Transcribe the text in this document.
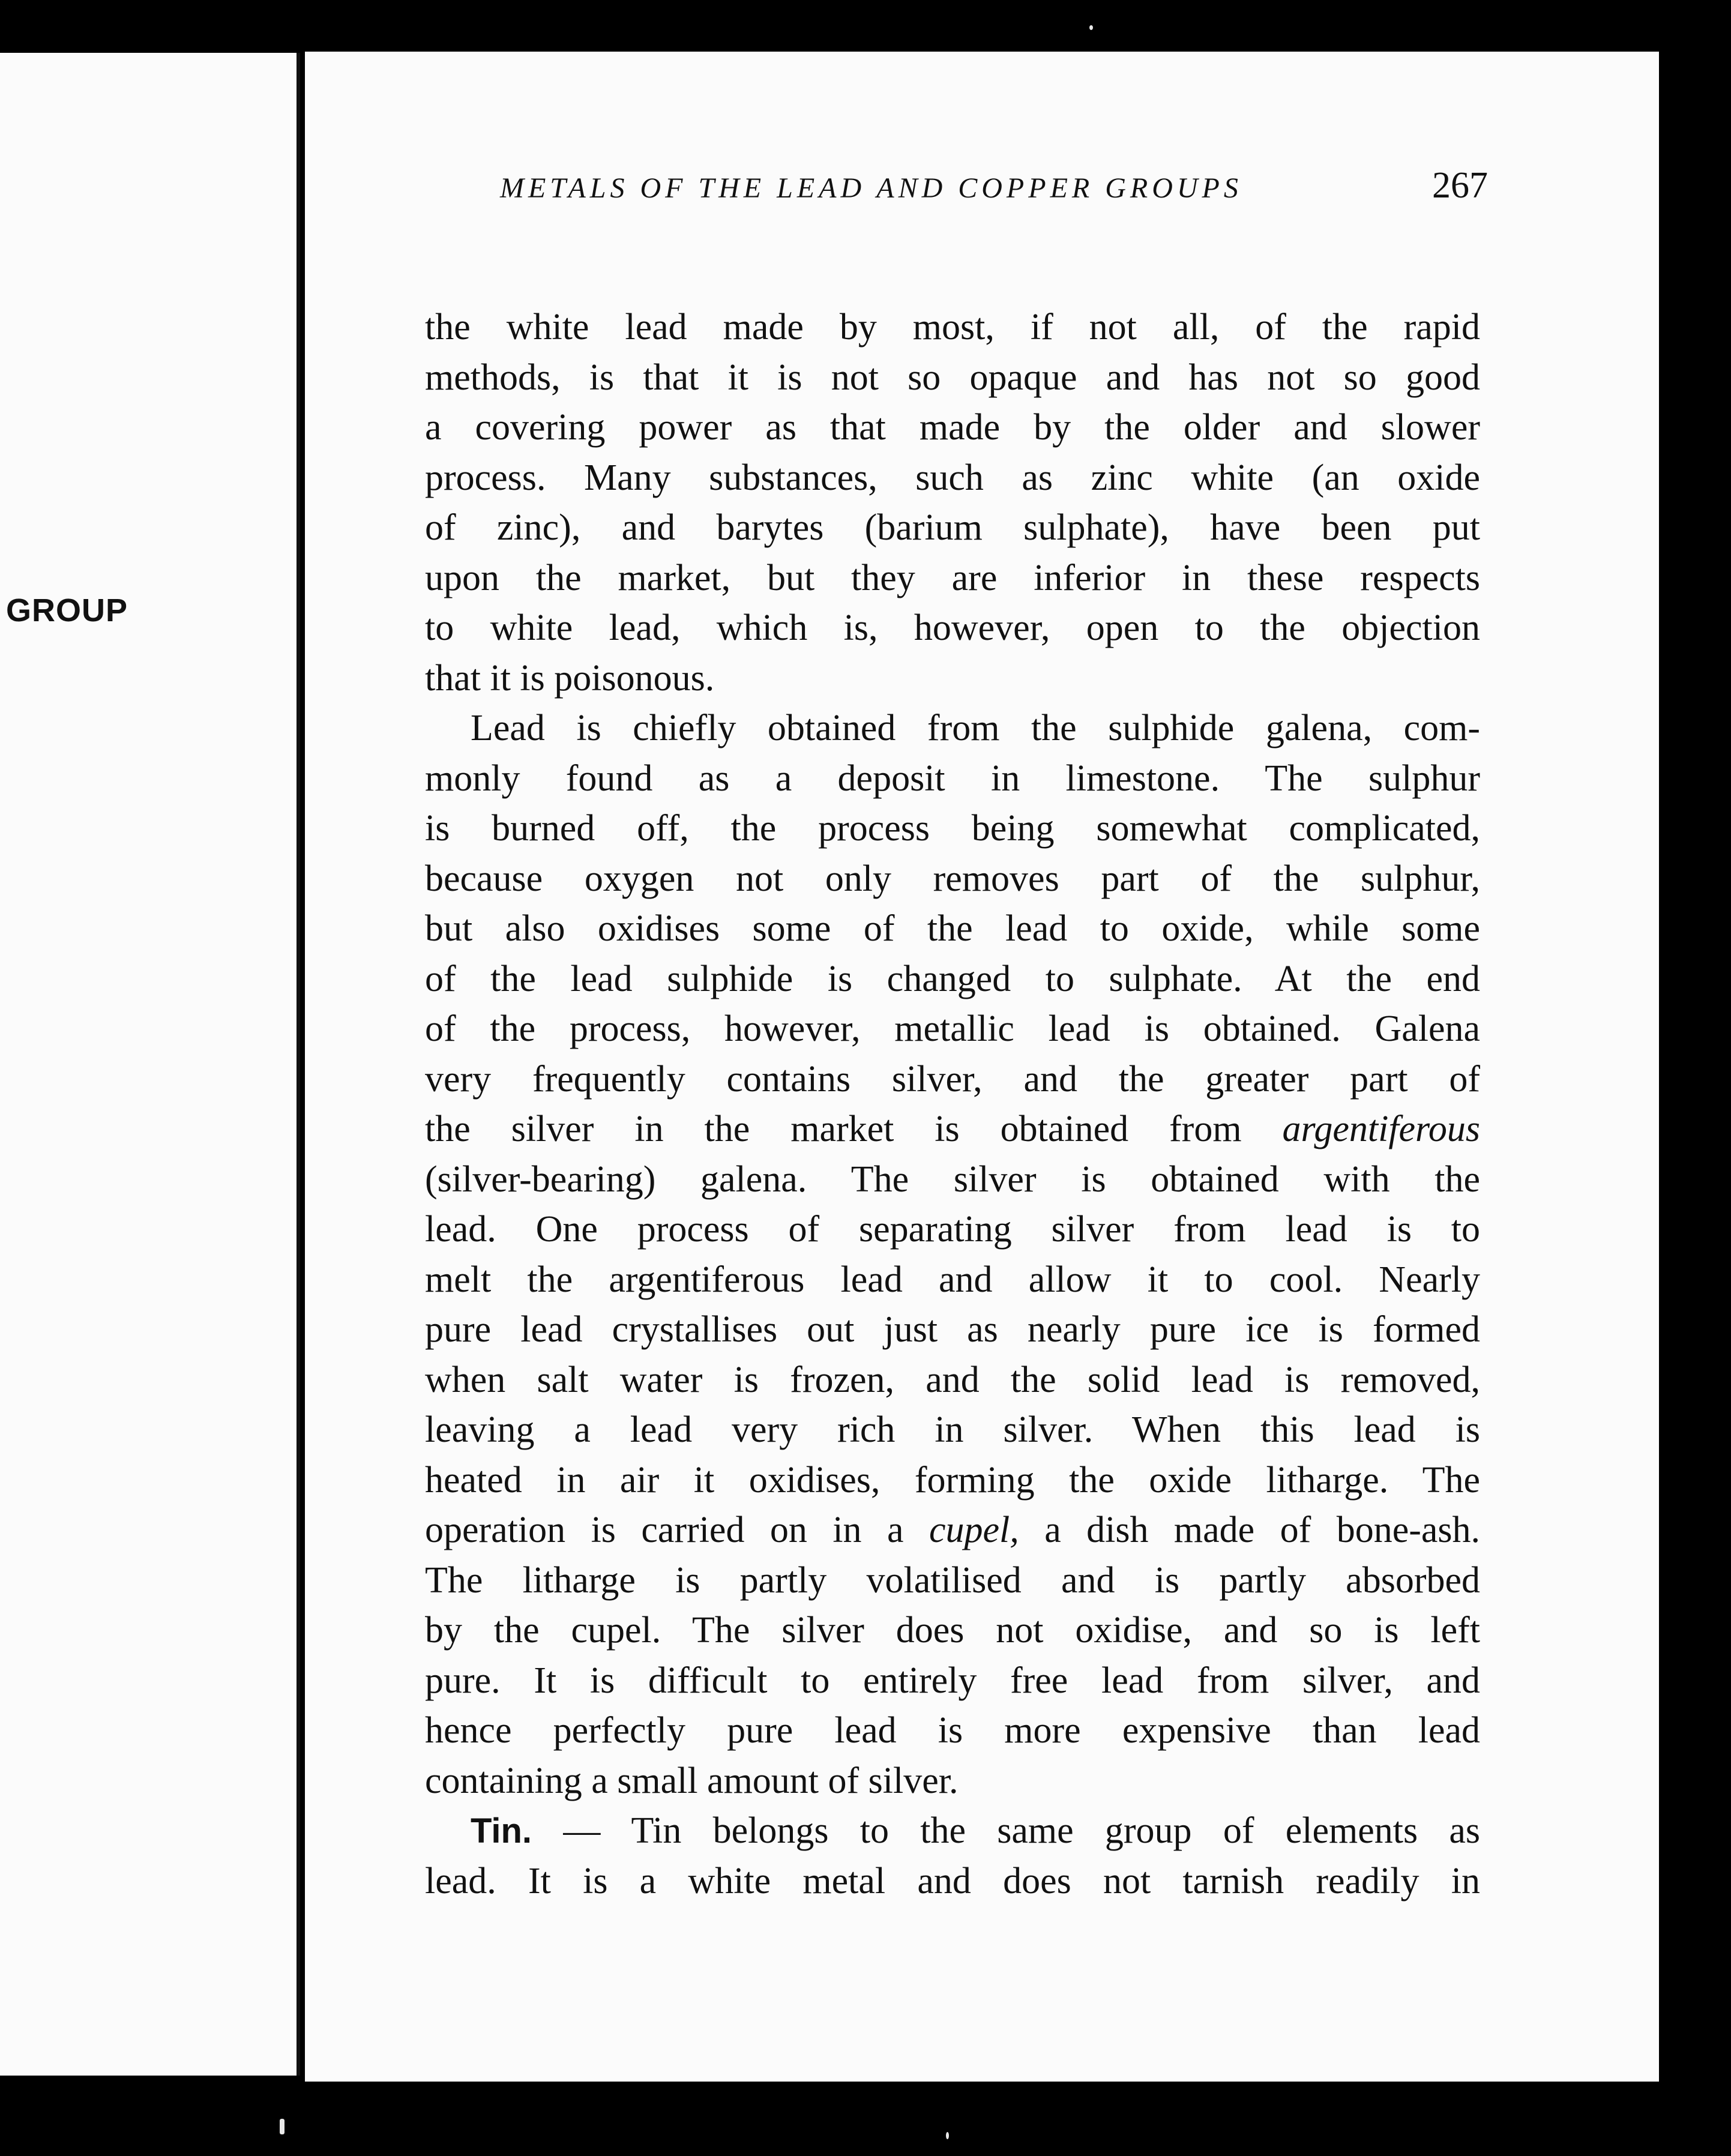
GROUP
METALS OF THE LEAD AND COPPER GROUPS	267

the white lead made by most, if not all, of the rapid
methods, is that it is not so opaque and has not so good
a covering power as that made by the older and slower
process. Many substances, such as zinc white (an oxide
of zinc), and barytes (barium sulphate), have been put
upon the market, but they are inferior in these respects
to white lead, which is, however, open to the objection
that it is poisonous.

Lead is chiefly obtained from the sulphide galena, com-
monly found as a deposit in limestone. The sulphur
is burned off, the process being somewhat complicated,
because oxygen not only removes part of the sulphur,
but also oxidises some of the lead to oxide, while some
of the lead sulphide is changed to sulphate. At the end
of the process, however, metallic lead is obtained. Galena
very frequently contains silver, and the greater part of
the silver in the market is obtained from argentiferous
(silver-bearing) galena. The silver is obtained with the
lead. One process of separating silver from lead is to
melt the argentiferous lead and allow it to cool. Nearly
pure lead crystallises out just as nearly pure ice is formed
when salt water is frozen, and the solid lead is removed,
leaving a lead very rich in silver. When this lead is
heated in air it oxidises, forming the oxide litharge. The
operation is carried on in a cupel, a dish made of bone-ash.
The litharge is partly volatilised and is partly absorbed
by the cupel. The silver does not oxidise, and so is left
pure. It is difficult to entirely free lead from silver, and
hence perfectly pure lead is more expensive than lead
containing a small amount of silver.

Tin. — Tin belongs to the same group of elements as
lead. It is a white metal and does not tarnish readily in
